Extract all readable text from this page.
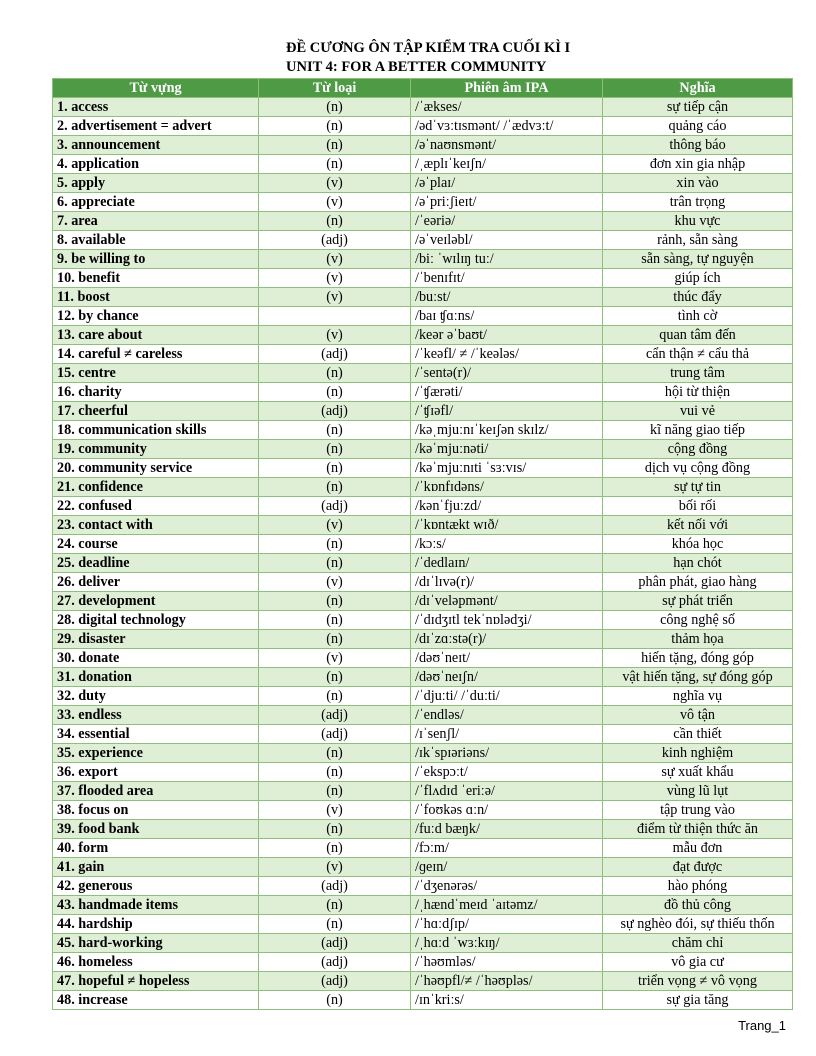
ĐỀ CƯƠNG ÔN TẬP KIỂM TRA CUỐI KÌ I
UNIT 4: FOR A BETTER COMMUNITY
Từ vựng	Từ loại	Phiên âm IPA	Nghĩa
1. access	(n)	/ˈækses/	sự tiếp cận
2. advertisement = advert	(n)	/ədˈvɜːtɪsmənt/ /ˈædvɜːt/	quảng cáo
3. announcement	(n)	/əˈnaʊnsmənt/	thông báo
4. application	(n)	/ˌæplɪˈkeɪʃn/	đơn xin gia nhập
5. apply	(v)	/əˈplaɪ/	xin vào
6. appreciate	(v)	/əˈpriːʃieɪt/	trân trọng
7. area	(n)	/ˈeəriə/	khu vực
8. available	(adj)	/əˈveɪləbl/	rảnh, sẵn sàng
9. be willing to	(v)	/biː ˈwɪlɪŋ tuː/	sẵn sàng, tự nguyện
10. benefit	(v)	/ˈbenɪfɪt/	giúp ích
11. boost	(v)	/buːst/	thúc đẩy
12. by chance		/baɪ ʧɑːns/	tình cờ
13. care about	(v)	/keər əˈbaʊt/	quan tâm đến
14. careful ≠ careless	(adj)	/ˈkeəfl/ ≠ /ˈkeələs/	cẩn thận ≠ cẩu thả
15. centre	(n)	/ˈsentə(r)/	trung tâm
16. charity	(n)	/ˈʧærəti/	hội từ thiện
17. cheerful	(adj)	/ˈʧɪəfl/	vui vẻ
18. communication skills	(n)	/kəˌmjuːnɪˈkeɪʃən skɪlz/	kĩ năng giao tiếp
19. community	(n)	/kəˈmjuːnəti/	cộng đồng
20. community service	(n)	/kəˈmjuːnɪti ˈsɜːvɪs/	dịch vụ cộng đồng
21. confidence	(n)	/ˈkɒnfɪdəns/	sự tự tin
22. confused	(adj)	/kənˈfjuːzd/	bối rối
23. contact with	(v)	/ˈkɒntækt wɪð/	kết nối với
24. course	(n)	/kɔːs/	khóa học
25. deadline	(n)	/ˈdedlaɪn/	hạn chót
26. deliver	(v)	/dɪˈlɪvə(r)/	phân phát, giao hàng
27. development	(n)	/dɪˈveləpmənt/	sự phát triển
28. digital technology	(n)	/ˈdɪdʒɪtl tekˈnɒlədʒi/	công nghệ số
29. disaster	(n)	/dɪˈzɑːstə(r)/	thảm họa
30. donate	(v)	/dəʊˈneɪt/	hiến tặng, đóng góp
31. donation	(n)	/dəʊˈneɪʃn/	vật hiến tặng, sự đóng góp
32. duty	(n)	/ˈdjuːti/ /ˈduːti/	nghĩa vụ
33. endless	(adj)	/ˈendləs/	vô tận
34. essential	(adj)	/ɪˈsenʃl/	cần thiết
35. experience	(n)	/ɪkˈspɪəriəns/	kinh nghiệm
36. export	(n)	/ˈekspɔːt/	sự xuất khẩu
37. flooded area	(n)	/ˈflʌdɪd ˈeriːə/	vùng lũ lụt
38. focus on	(v)	/ˈfoʊkəs ɑːn/	tập trung vào
39. food bank	(n)	/fuːd bæŋk/	điểm từ thiện thức ăn
40. form	(n)	/fɔːm/	mẫu đơn
41. gain	(v)	/ɡeɪn/	đạt được
42. generous	(adj)	/ˈdʒenərəs/	hào phóng
43. handmade items	(n)	/ˌhændˈmeɪd ˈaɪtəmz/	đồ thủ công
44. hardship	(n)	/ˈhɑːdʃɪp/	sự nghèo đói, sự thiếu thốn
45. hard-working	(adj)	/ˌhɑːd ˈwɜːkɪŋ/	chăm chỉ
46. homeless	(adj)	/ˈhəʊmləs/	vô gia cư
47. hopeful ≠ hopeless	(adj)	/ˈhəʊpfl/≠ /ˈhəʊpləs/	triển vọng ≠ vô vọng
48. increase	(n)	/ɪnˈkriːs/	sự gia tăng
Trang_1
